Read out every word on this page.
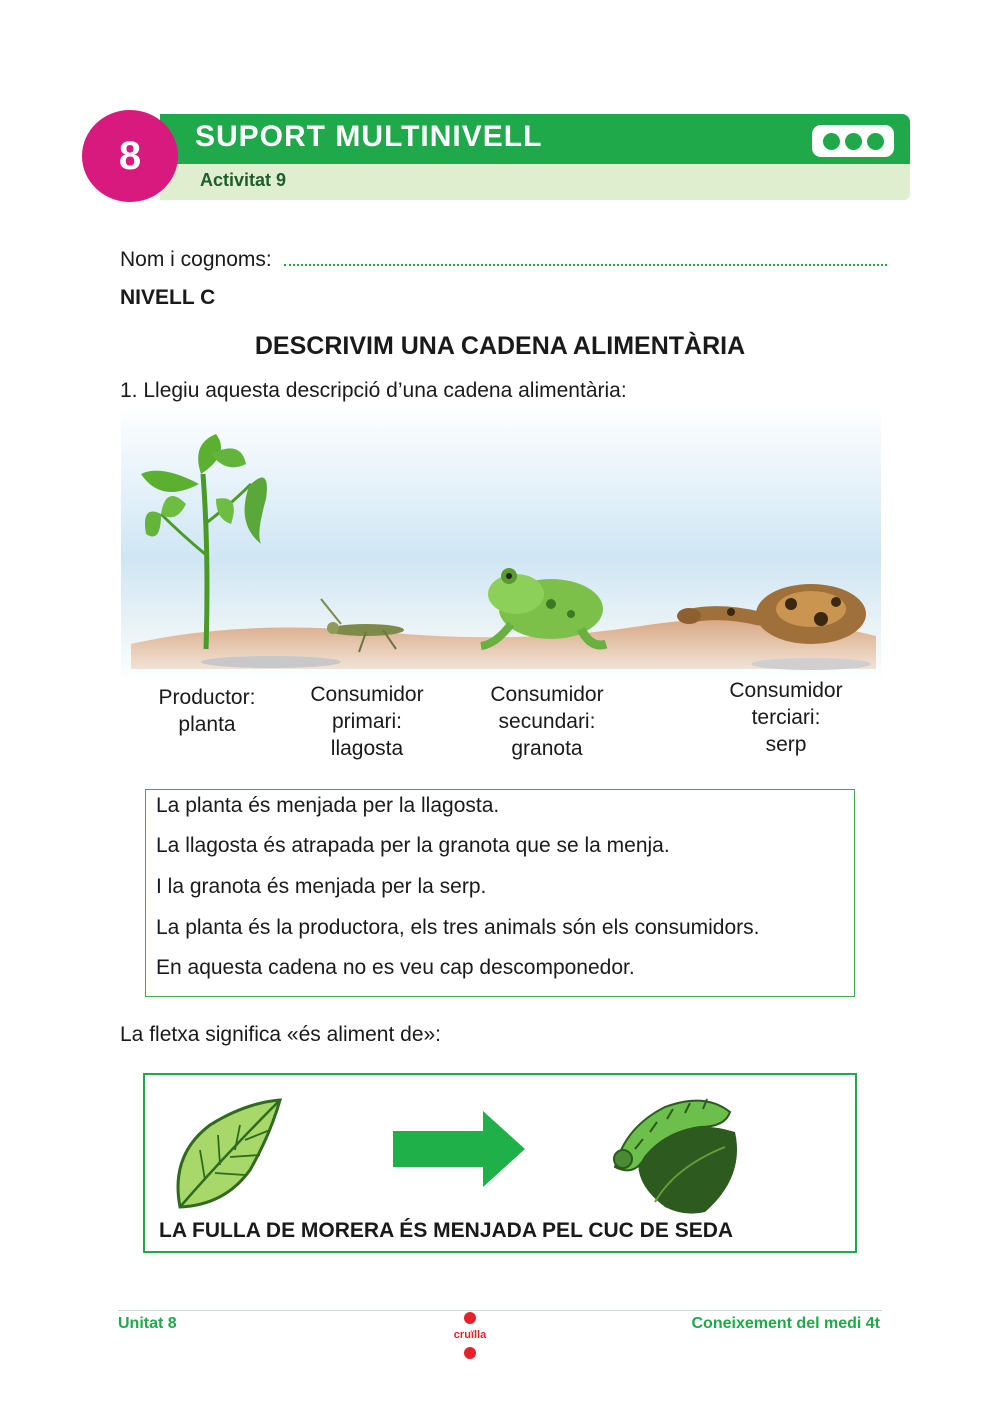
SUPORT MULTINIVELL
Activitat 9
8
Nom i cognoms:
NIVELL C
DESCRIVIM UNA CADENA ALIMENTÀRIA
1. Llegiu aquesta descripció d’una cadena alimentària:
Productor:
planta
Consumidor
primari:
llagosta
Consumidor
secundari:
granota
Consumidor
terciari:
serp

La planta és menjada per la llagosta.

La llagosta és atrapada per la granota que se la menja.

I la granota és menjada per la serp.

La planta és la productora, els tres animals són els consumidors.

En aquesta cadena no es veu cap descomponedor.

La fletxa significa «és aliment de»:
LA FULLA DE MORERA ÉS MENJADA PEL CUC DE SEDA
Unitat 8	Coneixement del medi 4t
cruïlla
